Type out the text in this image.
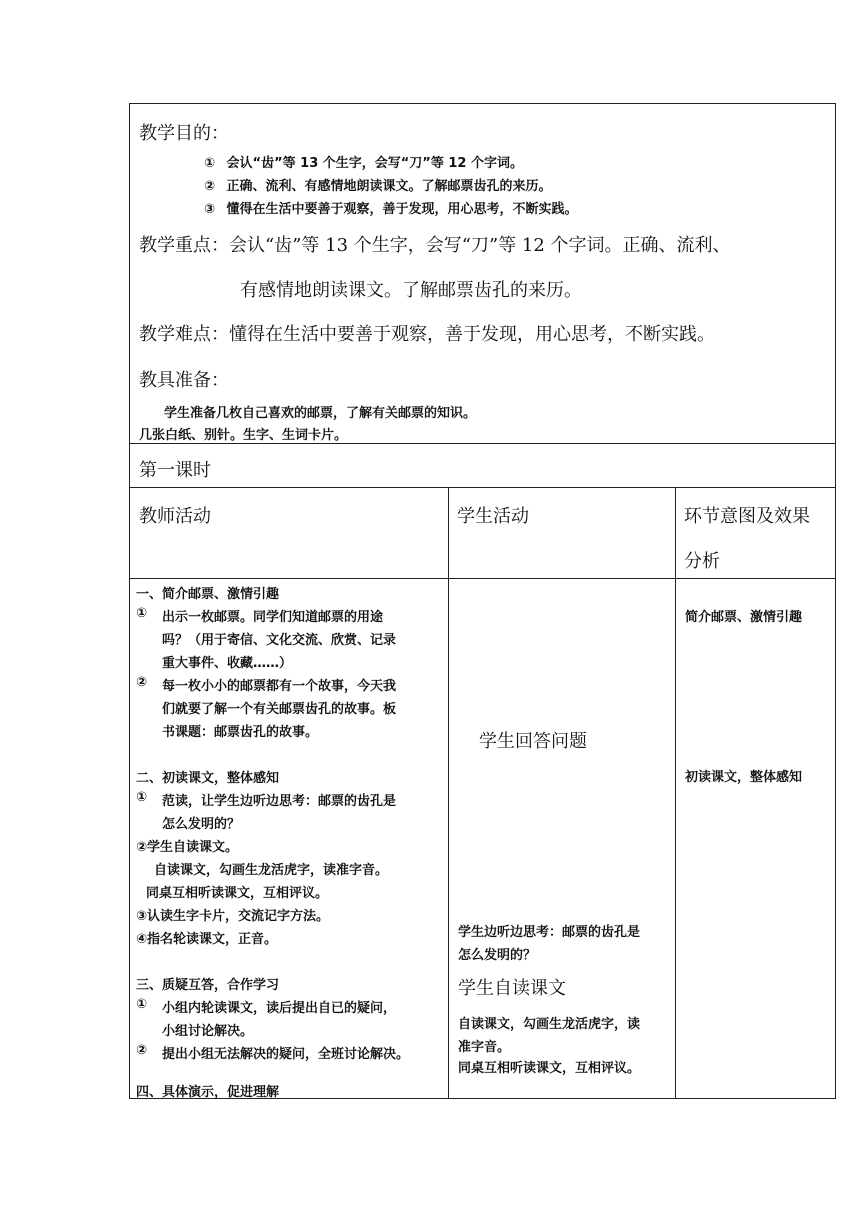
教学目的：
① 会认“齿”等 13 个生字，会写“刀”等 12 个字词。
② 正确、流利、有感情地朗读课文。了解邮票齿孔的来历。
③ 懂得在生活中要善于观察，善于发现，用心思考，不断实践。
教学重点：会认“齿”等 13 个生字，会写“刀”等 12 个字词。正确、流利、
有感情地朗读课文。了解邮票齿孔的来历。
教学难点：懂得在生活中要善于观察，善于发现，用心思考，不断实践。
教具准备：
学生准备几枚自己喜欢的邮票，了解有关邮票的知识。
几张白纸、别针。生字、生词卡片。
第一课时
教师活动	学生活动	环节意图及效果
分析
一、简介邮票、激情引趣
① 出示一枚邮票。同学们知道邮票的用途
吗？（用于寄信、文化交流、欣赏、记录
重大事件、收藏……）
② 每一枚小小的邮票都有一个故事，今天我
们就要了解一个有关邮票齿孔的故事。板
书课题：邮票齿孔的故事。
二、初读课文，整体感知
① 范读，让学生边听边思考：邮票的齿孔是
怎么发明的？
②学生自读课文。
自读课文，勾画生龙活虎字，读准字音。
同桌互相听读课文，互相评议。
③认读生字卡片，交流记字方法。
④指名轮读课文，正音。
三、质疑互答，合作学习
① 小组内轮读课文，读后提出自已的疑问，
小组讨论解决。
② 提出小组无法解决的疑问，全班讨论解决。
四、具体演示，促进理解
学生回答问题
学生边听边思考：邮票的齿孔是
怎么发明的？
学生自读课文
自读课文，勾画生龙活虎字，读
准字音。
同桌互相听读课文，互相评议。
简介邮票、激情引趣
初读课文，整体感知
